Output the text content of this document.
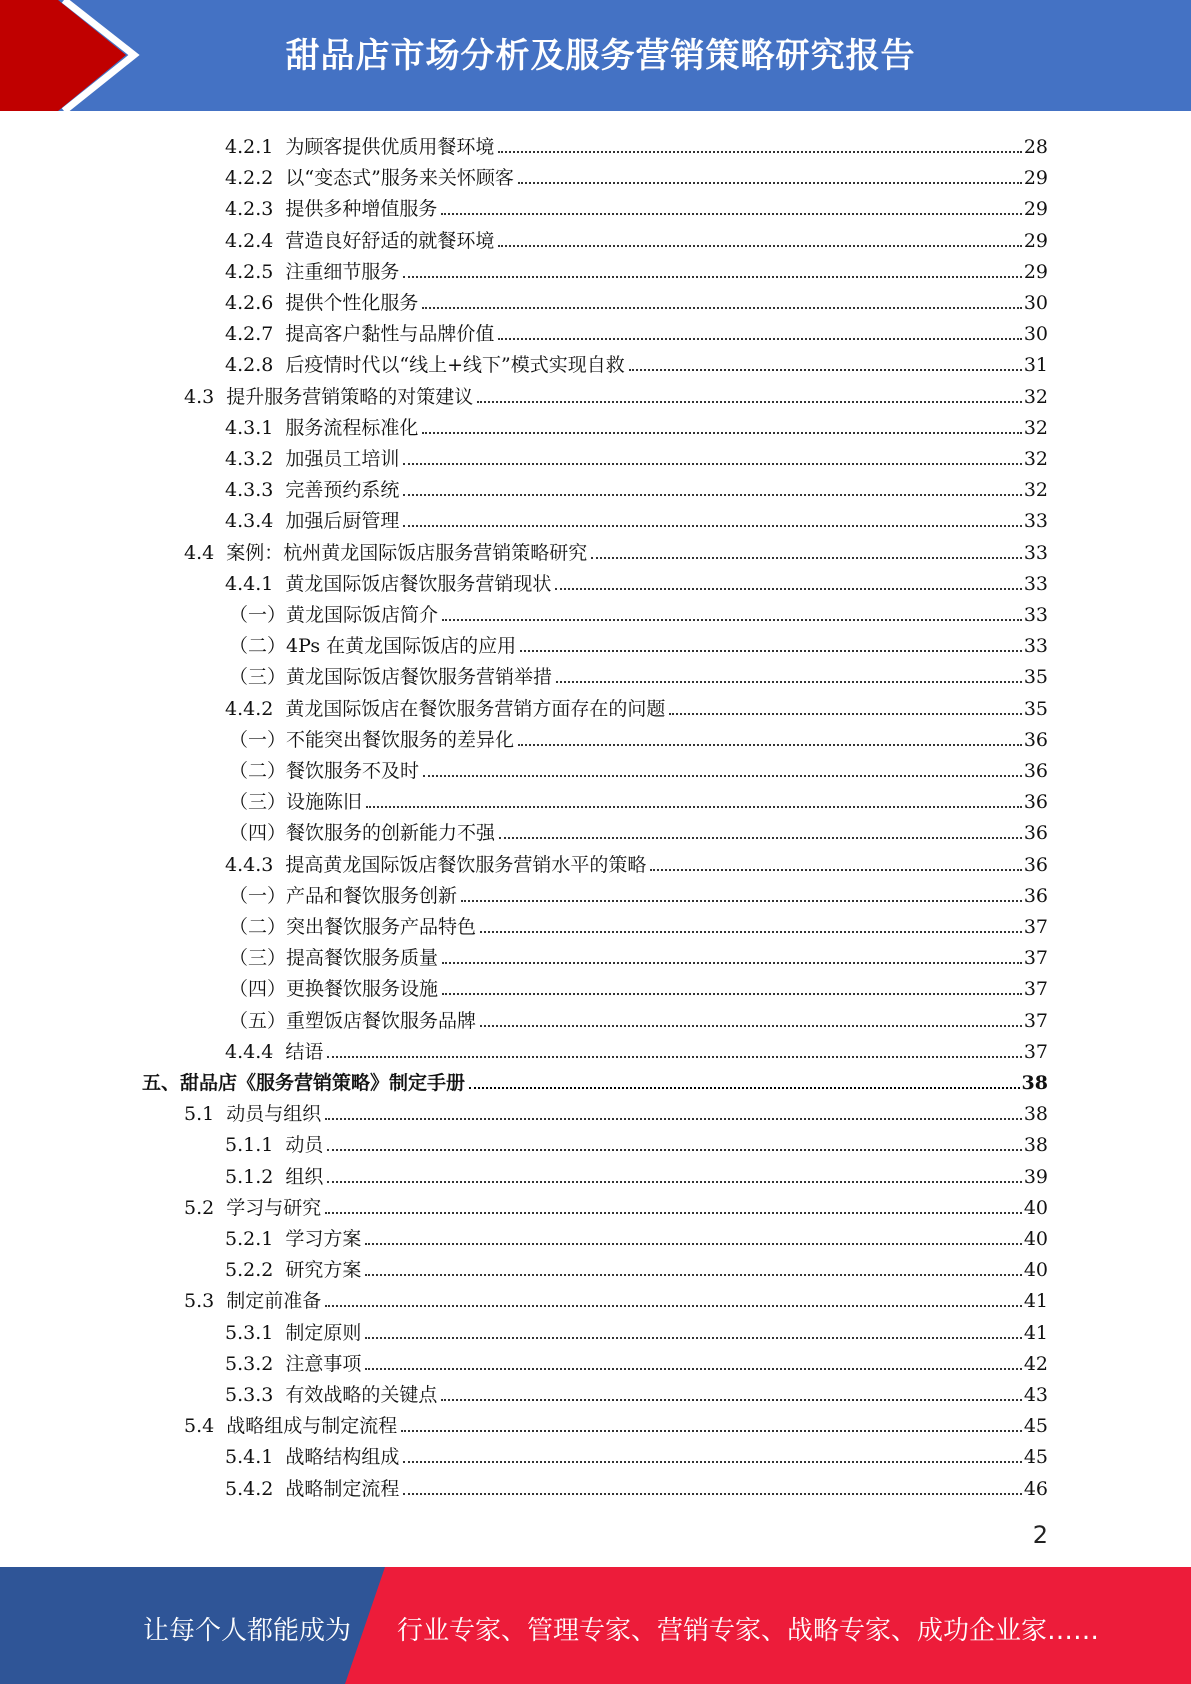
甜品店市场分析及服务营销策略研究报告
4.2.1  为顾客提供优质用餐环境	28
4.2.2  以“变态式”服务来关怀顾客	29
4.2.3  提供多种增值服务	29
4.2.4  营造良好舒适的就餐环境	29
4.2.5  注重细节服务	29
4.2.6  提供个性化服务	30
4.2.7  提高客户黏性与品牌价值	30
4.2.8  后疫情时代以“线上+线下”模式实现自救	31
4.3  提升服务营销策略的对策建议	32
4.3.1  服务流程标准化	32
4.3.2  加强员工培训	32
4.3.3  完善预约系统	32
4.3.4  加强后厨管理	33
4.4  案例：杭州黄龙国际饭店服务营销策略研究	33
4.4.1  黄龙国际饭店餐饮服务营销现状	33
（一）黄龙国际饭店简介	33
（二）4Ps 在黄龙国际饭店的应用	33
（三）黄龙国际饭店餐饮服务营销举措	35
4.4.2  黄龙国际饭店在餐饮服务营销方面存在的问题	35
（一）不能突出餐饮服务的差异化	36
（二）餐饮服务不及时	36
（三）设施陈旧	36
（四）餐饮服务的创新能力不强	36
4.4.3  提高黄龙国际饭店餐饮服务营销水平的策略	36
（一）产品和餐饮服务创新	36
（二）突出餐饮服务产品特色	37
（三）提高餐饮服务质量	37
（四）更换餐饮服务设施	37
（五）重塑饭店餐饮服务品牌	37
4.4.4  结语	37
五、甜品店《服务营销策略》制定手册	38
5.1  动员与组织	38
5.1.1  动员	38
5.1.2  组织	39
5.2  学习与研究	40
5.2.1  学习方案	40
5.2.2  研究方案	40
5.3  制定前准备	41
5.3.1  制定原则	41
5.3.2  注意事项	42
5.3.3  有效战略的关键点	43
5.4  战略组成与制定流程	45
5.4.1  战略结构组成	45
5.4.2  战略制定流程	46
2
让每个人都能成为 行业专家、管理专家、营销专家、战略专家、成功企业家……
